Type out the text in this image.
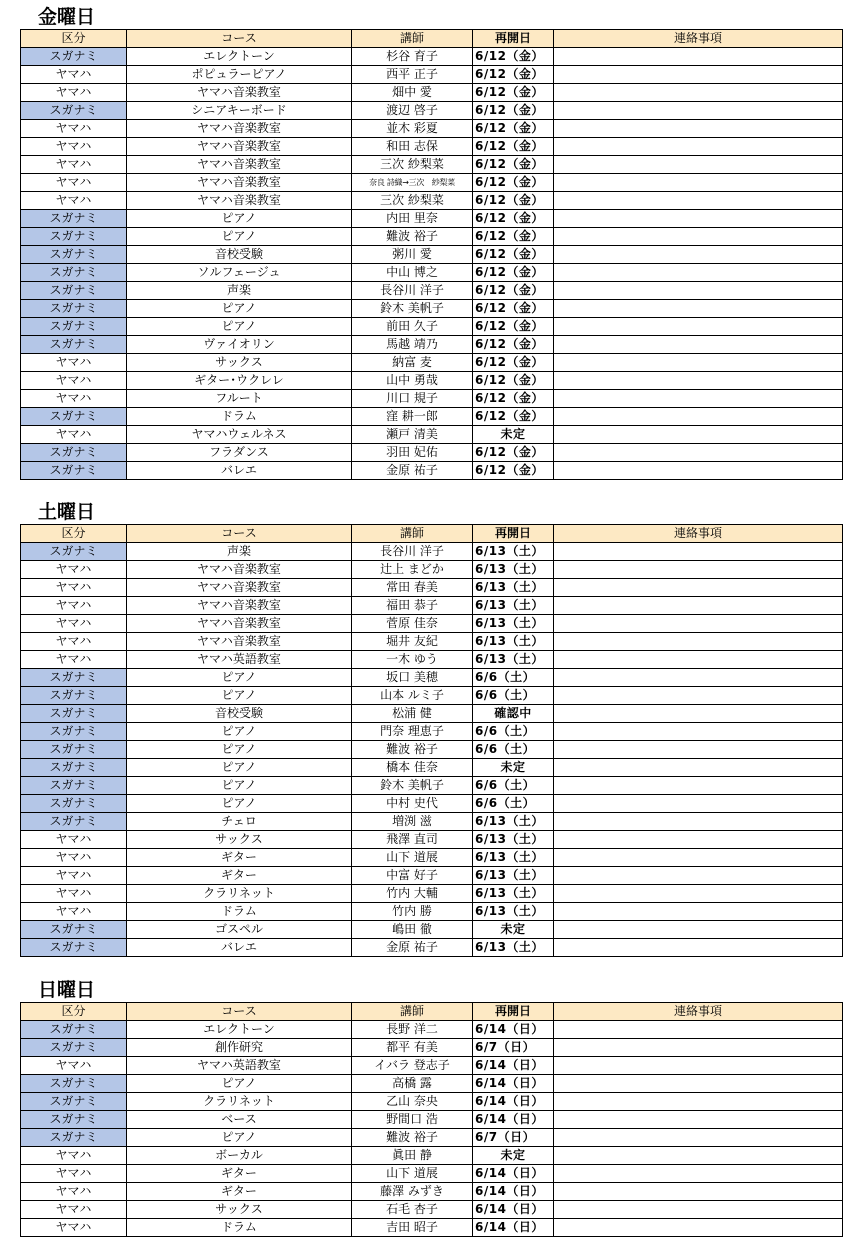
金曜日
区分	コース	講師	再開日	連絡事項
スガナミ	エレクトーン	杉谷 育子	6/12（金）	
ヤマハ	ポピュラーピアノ	西平 正子	6/12（金）	
ヤマハ	ヤマハ音楽教室	畑中 愛	6/12（金）	
スガナミ	シニアキーボード	渡辺 啓子	6/12（金）	
ヤマハ	ヤマハ音楽教室	並木 彩夏	6/12（金）	
ヤマハ	ヤマハ音楽教室	和田 志保	6/12（金）	
ヤマハ	ヤマハ音楽教室	三次 紗梨菜	6/12（金）	
ヤマハ	ヤマハ音楽教室	奈良 詩織→三次　紗梨菜	6/12（金）	
ヤマハ	ヤマハ音楽教室	三次 紗梨菜	6/12（金）	
スガナミ	ピアノ	内田 里奈	6/12（金）	
スガナミ	ピアノ	難波 裕子	6/12（金）	
スガナミ	音校受験	粥川 愛	6/12（金）	
スガナミ	ソルフェージュ	中山 博之	6/12（金）	
スガナミ	声楽	長谷川 洋子	6/12（金）	
スガナミ	ピアノ	鈴木 美帆子	6/12（金）	
スガナミ	ピアノ	前田 久子	6/12（金）	
スガナミ	ヴァイオリン	馬越 靖乃	6/12（金）	
ヤマハ	サックス	納富 麦	6/12（金）	
ヤマハ	ギター･ウクレレ	山中 勇哉	6/12（金）	
ヤマハ	フルート	川口 規子	6/12（金）	
スガナミ	ドラム	窪 耕一郎	6/12（金）	
ヤマハ	ヤマハウェルネス	瀬戸 清美	未定	
スガナミ	フラダンス	羽田 妃佑	6/12（金）	
スガナミ	バレエ	金原 祐子	6/12（金）	
土曜日
区分	コース	講師	再開日	連絡事項
スガナミ	声楽	長谷川 洋子	6/13（土）	
ヤマハ	ヤマハ音楽教室	辻上 まどか	6/13（土）	
ヤマハ	ヤマハ音楽教室	常田 春美	6/13（土）	
ヤマハ	ヤマハ音楽教室	福田 恭子	6/13（土）	
ヤマハ	ヤマハ音楽教室	菅原 佳奈	6/13（土）	
ヤマハ	ヤマハ音楽教室	堀井 友紀	6/13（土）	
ヤマハ	ヤマハ英語教室	一木 ゆう	6/13（土）	
スガナミ	ピアノ	坂口 美穂	6/6（土）	
スガナミ	ピアノ	山本 ルミ子	6/6（土）	
スガナミ	音校受験	松浦 健	確認中	
スガナミ	ピアノ	門奈 理恵子	6/6（土）	
スガナミ	ピアノ	難波 裕子	6/6（土）	
スガナミ	ピアノ	橋本 佳奈	未定	
スガナミ	ピアノ	鈴木 美帆子	6/6（土）	
スガナミ	ピアノ	中村 史代	6/6（土）	
スガナミ	チェロ	増渕 滋	6/13（土）	
ヤマハ	サックス	飛澤 直司	6/13（土）	
ヤマハ	ギター	山下 道展	6/13（土）	
ヤマハ	ギター	中富 好子	6/13（土）	
ヤマハ	クラリネット	竹内 大輔	6/13（土）	
ヤマハ	ドラム	竹内 勝	6/13（土）	
スガナミ	ゴスペル	嶋田 徹	未定	
スガナミ	バレエ	金原 祐子	6/13（土）	
日曜日
区分	コース	講師	再開日	連絡事項
スガナミ	エレクトーン	長野 洋二	6/14（日）	
スガナミ	創作研究	都平 有美	6/7（日）	
ヤマハ	ヤマハ英語教室	イバラ 登志子	6/14（日）	
スガナミ	ピアノ	高橋 露	6/14（日）	
スガナミ	クラリネット	乙山 奈央	6/14（日）	
スガナミ	ベース	野間口 浩	6/14（日）	
スガナミ	ピアノ	難波 裕子	6/7（日）	
ヤマハ	ボーカル	眞田 静	未定	
ヤマハ	ギター	山下 道展	6/14（日）	
ヤマハ	ギター	藤澤 みずき	6/14（日）	
ヤマハ	サックス	石毛 杏子	6/14（日）	
ヤマハ	ドラム	吉田 昭子	6/14（日）	
